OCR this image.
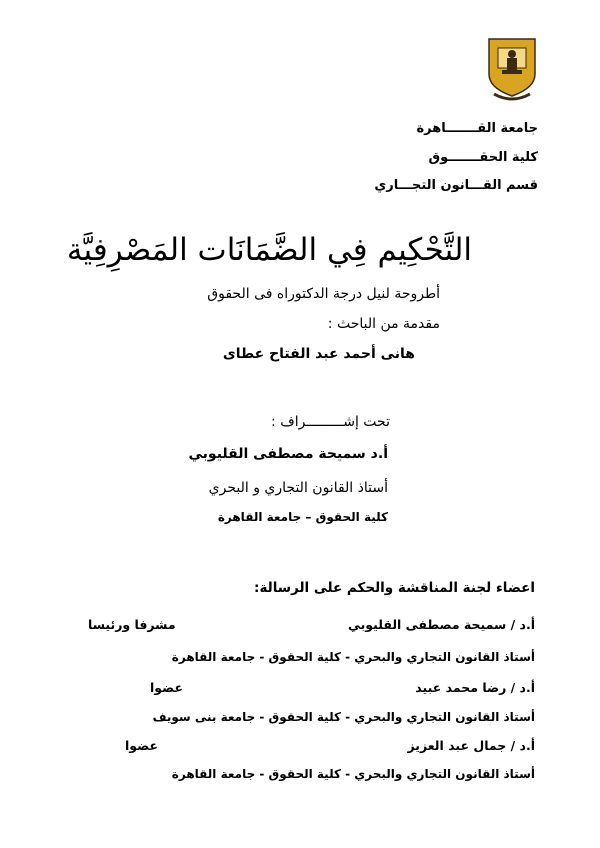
جامعة القـــــــاهرة
كلية الحقـــــــوق
قسم القـــانون التجـــاري
التَّحْكِيم فِي الضَّمَانَات المَصْرِفِيَّة
أطروحة لنيل درجة الدكتوراه فى الحقوق
مقدمة من الباحث :
هانى أحمد عبد الفتاح عطاى
تحت إشـــــــــراف :
أ.د سميحة مصطفى القليوبي
أستاذ القانون التجاري و البحري
كلية الحقوق – جامعة القاهرة
اعضاء لجنة المناقشة والحكم على الرسالة:
أ.د / سميحة مصطفى القليوبي
مشرفا ورئيسا
أستاذ القانون التجاري والبحري - كلية الحقوق - جامعة القاهرة
أ.د / رضا محمد عبيد
عضوا
أستاذ القانون التجاري والبحري - كلية الحقوق - جامعة بنى سويف
أ.د / جمال عبد العزيز
عضوا
أستاذ القانون التجاري والبحري - كلية الحقوق - جامعة القاهرة
